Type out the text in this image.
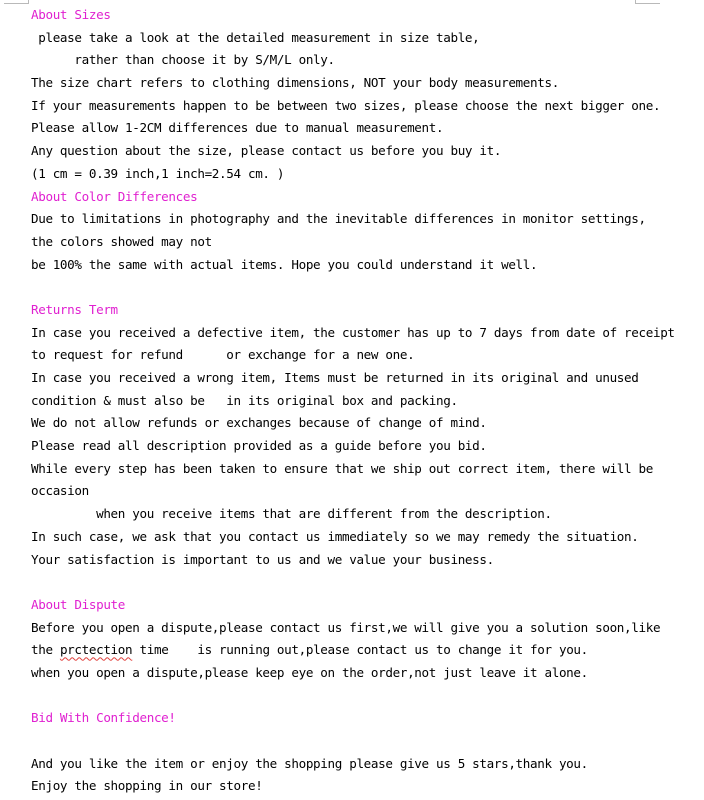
About Sizes
please take a look at the detailed measurement in size table,
rather than choose it by S/M/L only.
The size chart refers to clothing dimensions, NOT your body measurements.
If your measurements happen to be between two sizes, please choose the next bigger one.
Please allow 1-2CM differences due to manual measurement.
Any question about the size, please contact us before you buy it.
(1 cm = 0.39 inch,1 inch=2.54 cm. )
About Color Differences
Due to limitations in photography and the inevitable differences in monitor settings,
the colors showed may not
be 100% the same with actual items. Hope you could understand it well.
Returns Term
In case you received a defective item, the customer has up to 7 days from date of receipt
to request for refund      or exchange for a new one.
In case you received a wrong item, Items must be returned in its original and unused
condition & must also be   in its original box and packing.
We do not allow refunds or exchanges because of change of mind.
Please read all description provided as a guide before you bid.
While every step has been taken to ensure that we ship out correct item, there will be
occasion
when you receive items that are different from the description.
In such case, we ask that you contact us immediately so we may remedy the situation.
Your satisfaction is important to us and we value your business.
About Dispute
Before you open a dispute,please contact us first,we will give you a solution soon,like
the prctection time    is running out,please contact us to change it for you.
when you open a dispute,please keep eye on the order,not just leave it alone.
Bid With Confidence!
And you like the item or enjoy the shopping please give us 5 stars,thank you.
Enjoy the shopping in our store!
